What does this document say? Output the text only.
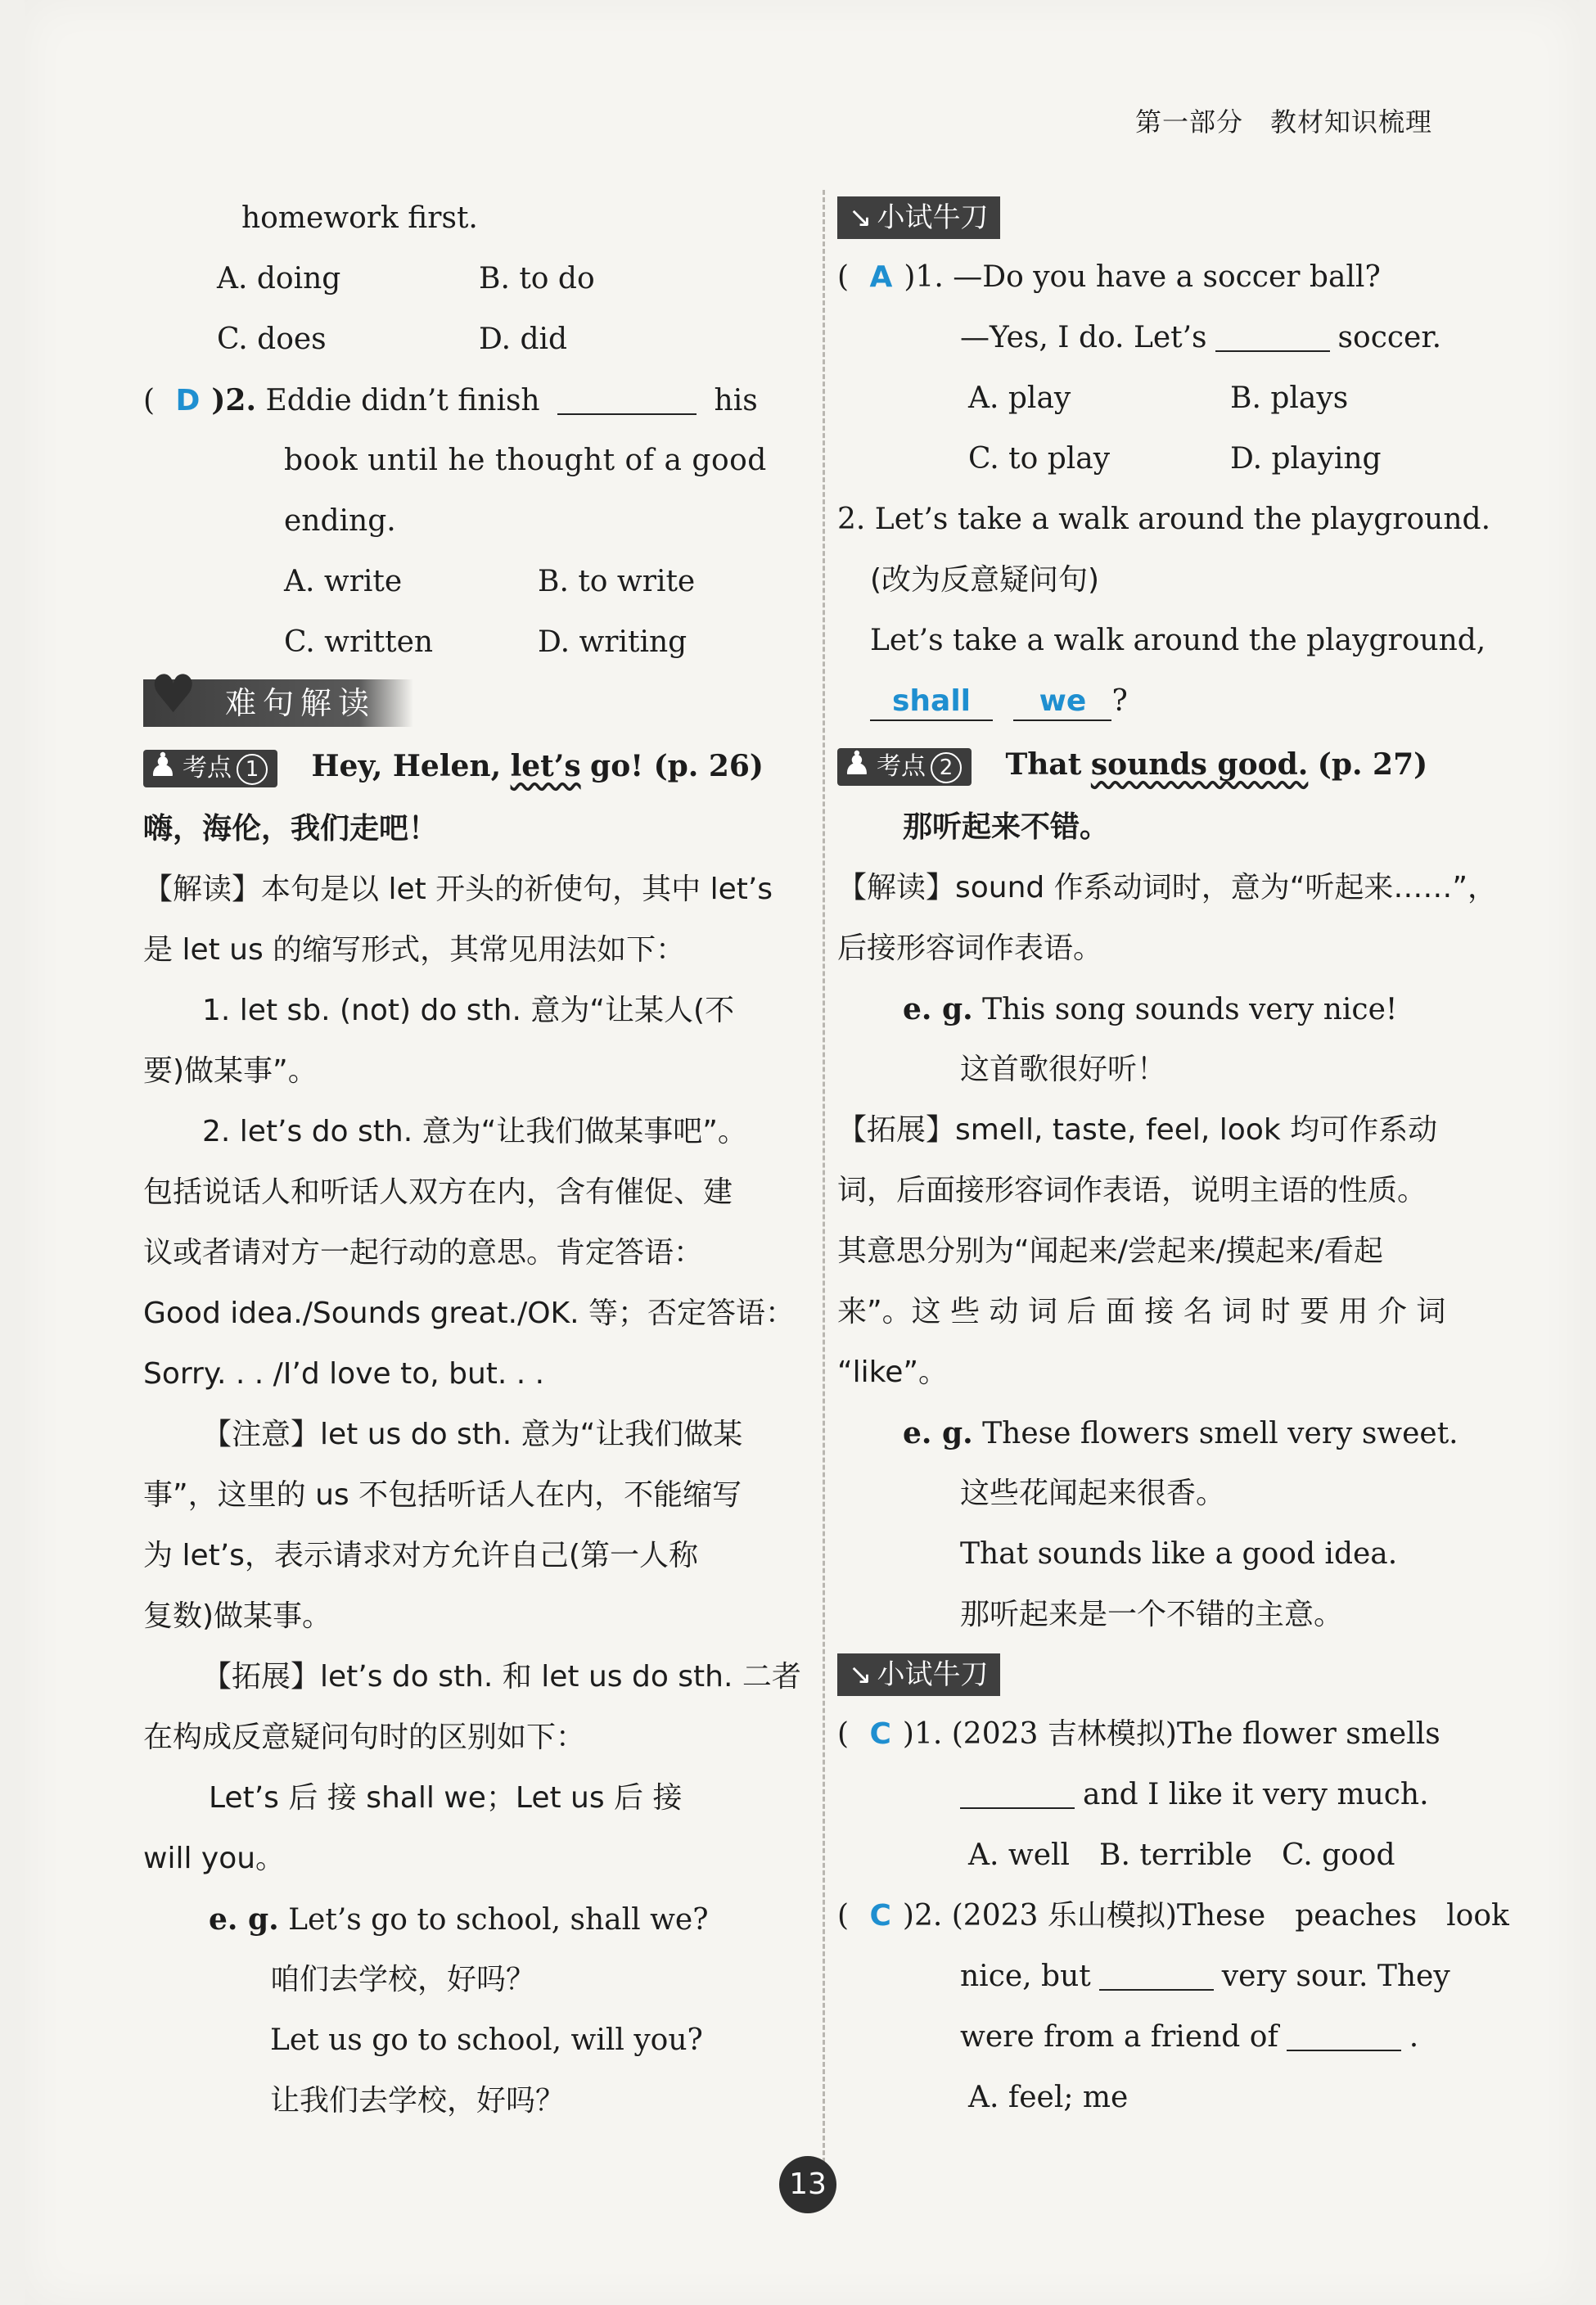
第一部分　教材知识梳理
homework first.
A. doing	B. to do
C. does	D. did
( D )2. Eddie didn’t finish	his
book until he thought of a good
ending.
A. write	B. to write
C. written	D. writing
♥ 难句解读
♟ 考点 1 Hey, Helen, let’s go! (p. 26)
嗨，海伦，我们走吧！
【解读】本句是以 let 开头的祈使句，其中 let’s
是 let us 的缩写形式，其常见用法如下：
1. let sb. (not) do sth. 意为“让某人(不
要)做某事”。
2. let’s do sth. 意为“让我们做某事吧”。
包括说话人和听话人双方在内，含有催促、建
议或者请对方一起行动的意思。肯定答语：
Good idea./Sounds great./OK. 等；否定答语：
Sorry. . . /I’d love to, but. . .
【注意】let us do sth. 意为“让我们做某
事”，这里的 us 不包括听话人在内，不能缩写
为 let’s，表示请求对方允许自己(第一人称
复数)做某事。
【拓展】let’s do sth. 和 let us do sth. 二者
在构成反意疑问句时的区别如下：
Let’s 后 接 shall we；Let us 后 接
will you。
e. g. Let’s go to school, shall we?
咱们去学校，好吗？
Let us go to school, will you?
让我们去学校，好吗？
↘ 小试牛刀
( A )1. —Do you have a soccer ball?
—Yes, I do. Let’s	soccer.
A. play	B. plays
C. to play	D. playing
2. Let’s take a walk around the playground.
(改为反意疑问句)
Let’s take a walk around the playground,
shall we ?
♟ 考点 2 That sounds good. (p. 27)
那听起来不错。
【解读】sound 作系动词时，意为“听起来……”，
后接形容词作表语。
e. g. This song sounds very nice!
这首歌很好听！
【拓展】smell, taste, feel, look 均可作系动
词，后面接形容词作表语，说明主语的性质。
其意思分别为“闻起来/尝起来/摸起来/看起
来”。这 些 动 词 后 面 接 名 词 时 要 用 介 词
“like”。
e. g. These flowers smell very sweet.
这些花闻起来很香。
That sounds like a good idea.
那听起来是一个不错的主意。
↘ 小试牛刀
( C )1. (2023 吉林模拟)The flower smells
and I like it very much.
A. well　B. terrible　C. good
( C )2. (2023 乐山模拟)These　peaches　look
nice, but	very sour. They
were from a friend of	.
A. feel; me
13
